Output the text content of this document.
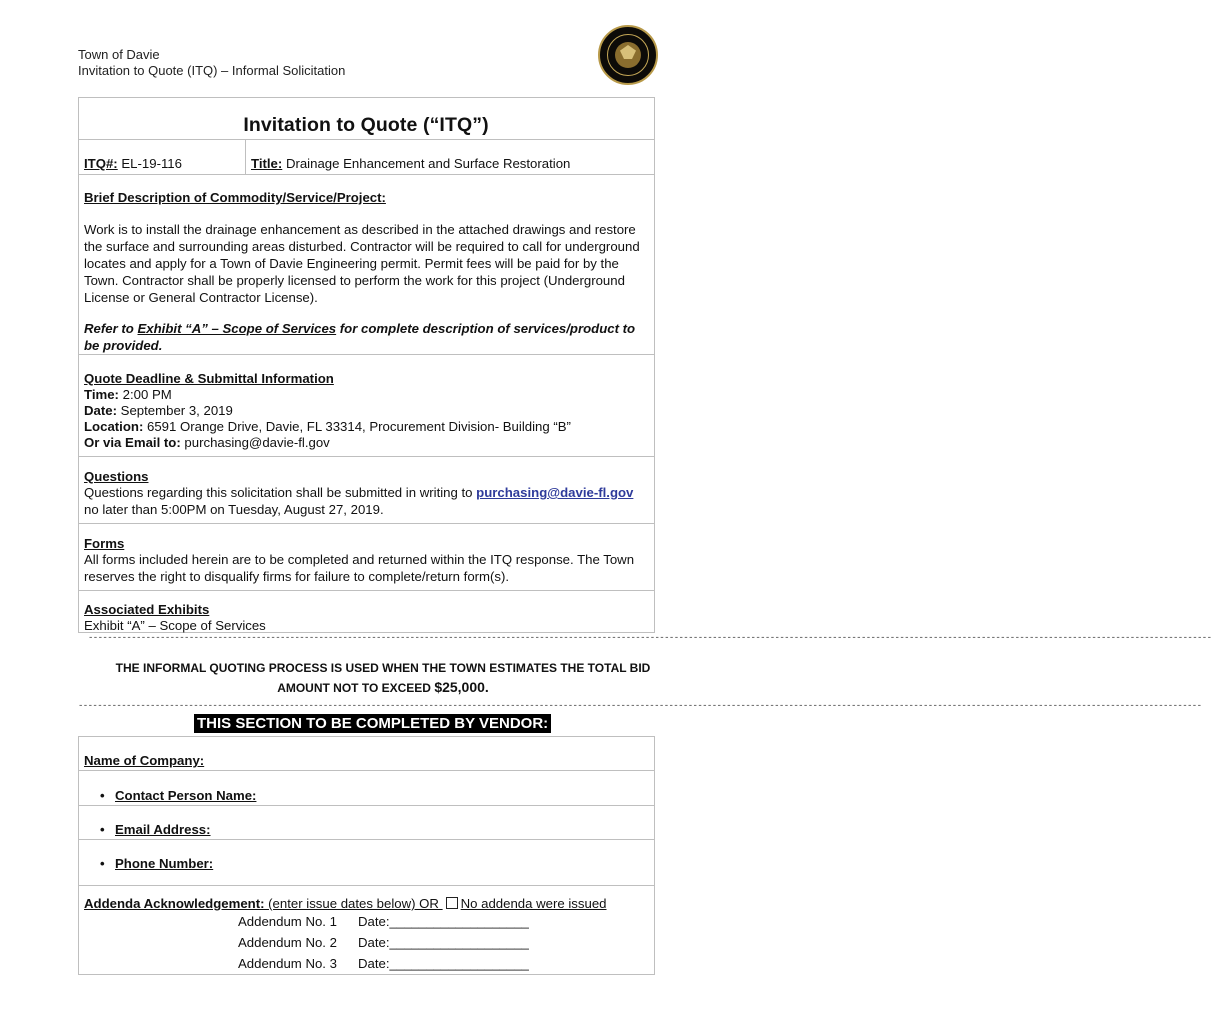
Town of Davie
Invitation to Quote (ITQ) – Informal Solicitation
Invitation to Quote (“ITQ”)
ITQ#: EL-19-116	Title: Drainage Enhancement and Surface Restoration
Brief Description of Commodity/Service/Project:
Work is to install the drainage enhancement as described in the attached drawings and restore the surface and surrounding areas disturbed. Contractor will be required to call for underground locates and apply for a Town of Davie Engineering permit. Permit fees will be paid for by the Town. Contractor shall be properly licensed to perform the work for this project (Underground License or General Contractor License).
Refer to Exhibit “A” – Scope of Services for complete description of services/product to be provided.
Quote Deadline & Submittal Information
Time: 2:00 PM
Date: September 3, 2019
Location: 6591 Orange Drive, Davie, FL 33314, Procurement Division- Building “B”
Or via Email to: purchasing@davie-fl.gov
Questions
Questions regarding this solicitation shall be submitted in writing to purchasing@davie-fl.gov no later than 5:00PM on Tuesday, August 27, 2019.
Forms
All forms included herein are to be completed and returned within the ITQ response. The Town reserves the right to disqualify firms for failure to complete/return form(s).
Associated Exhibits
Exhibit “A” – Scope of Services
------------------------------------------------------------------------------------------------------------------------------------------------------------------------------------------------------------------------------------------
THE INFORMAL QUOTING PROCESS IS USED WHEN THE TOWN ESTIMATES THE TOTAL BID
AMOUNT NOT TO EXCEED $25,000.
------------------------------------------------------------------------------------------------------------------------------------------------------------------------------------------------------------------------------------------
THIS SECTION TO BE COMPLETED BY VENDOR:
Name of Company:
• Contact Person Name:
• Email Address:
• Phone Number:
Addenda Acknowledgement: (enter issue dates below) OR No addenda were issued
Addendum No. 1 Date:___________________
Addendum No. 2 Date:___________________
Addendum No. 3 Date:___________________
